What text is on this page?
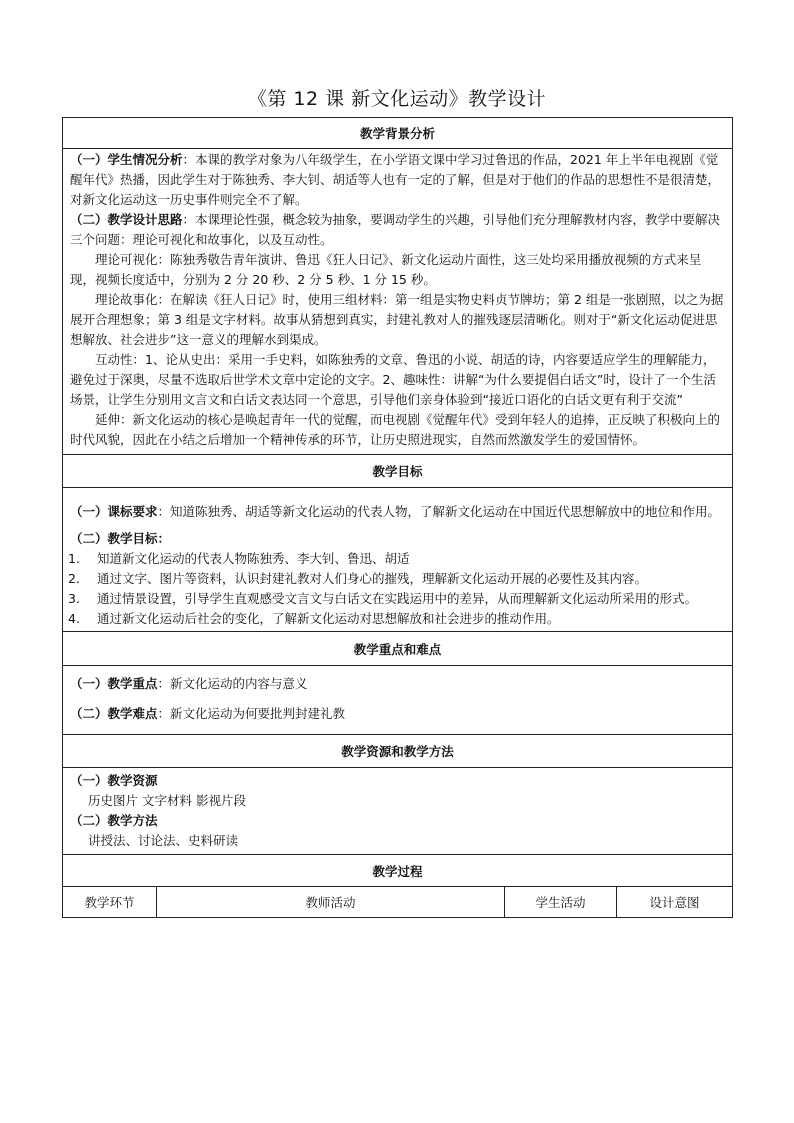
《第 12 课 新文化运动》教学设计
教学背景分析

（一）学生情况分析：本课的教学对象为八年级学生，在小学语文课中学习过鲁迅的作品，2021 年上半年电视剧《觉醒年代》热播，因此学生对于陈独秀、李大钊、胡适等人也有一定的了解，但是对于他们的作品的思想性不是很清楚，对新文化运动这一历史事件则完全不了解。

（二）教学设计思路：本课理论性强，概念较为抽象，要调动学生的兴趣，引导他们充分理解教材内容，教学中要解决三个问题：理论可视化和故事化，以及互动性。

理论可视化：陈独秀敬告青年演讲、鲁迅《狂人日记》、新文化运动片面性，这三处均采用播放视频的方式来呈现，视频长度适中，分别为 2 分 20 秒、2 分 5 秒、1 分 15 秒。

理论故事化：在解读《狂人日记》时，使用三组材料：第一组是实物史料贞节牌坊；第 2 组是一张剧照，以之为据展开合理想象；第 3 组是文字材料。故事从猜想到真实，封建礼教对人的摧残逐层清晰化。则对于“新文化运动促进思想解放、社会进步”这一意义的理解水到渠成。

互动性：1、论从史出：采用一手史料，如陈独秀的文章、鲁迅的小说、胡适的诗，内容要适应学生的理解能力，避免过于深奥，尽量不选取后世学术文章中定论的文字。2、趣味性：讲解“为什么要提倡白话文”时，设计了一个生活场景，让学生分别用文言文和白话文表达同一个意思，引导他们亲身体验到“接近口语化的白话文更有利于交流”

延伸：新文化运动的核心是唤起青年一代的觉醒，而电视剧《觉醒年代》受到年轻人的追捧，正反映了积极向上的时代风貌，因此在小结之后增加一个精神传承的环节，让历史照进现实，自然而然激发学生的爱国情怀。

教学目标

（一）课标要求：知道陈独秀、胡适等新文化运动的代表人物，了解新文化运动在中国近代思想解放中的地位和作用。

（二）教学目标：

1. 知道新文化运动的代表人物陈独秀、李大钊、鲁迅、胡适
2. 通过文字、图片等资料，认识封建礼教对人们身心的摧残，理解新文化运动开展的必要性及其内容。
3. 通过情景设置，引导学生直观感受文言文与白话文在实践运用中的差异，从而理解新文化运动所采用的形式。
4. 通过新文化运动后社会的变化，了解新文化运动对思想解放和社会进步的推动作用。

教学重点和难点

（一）教学重点：新文化运动的内容与意义

（二）教学难点：新文化运动为何要批判封建礼教

教学资源和教学方法

（一）教学资源

历史图片 文字材料 影视片段

（二）教学方法

讲授法、讨论法、史料研读

教学过程
教学环节	教师活动	学生活动	设计意图
